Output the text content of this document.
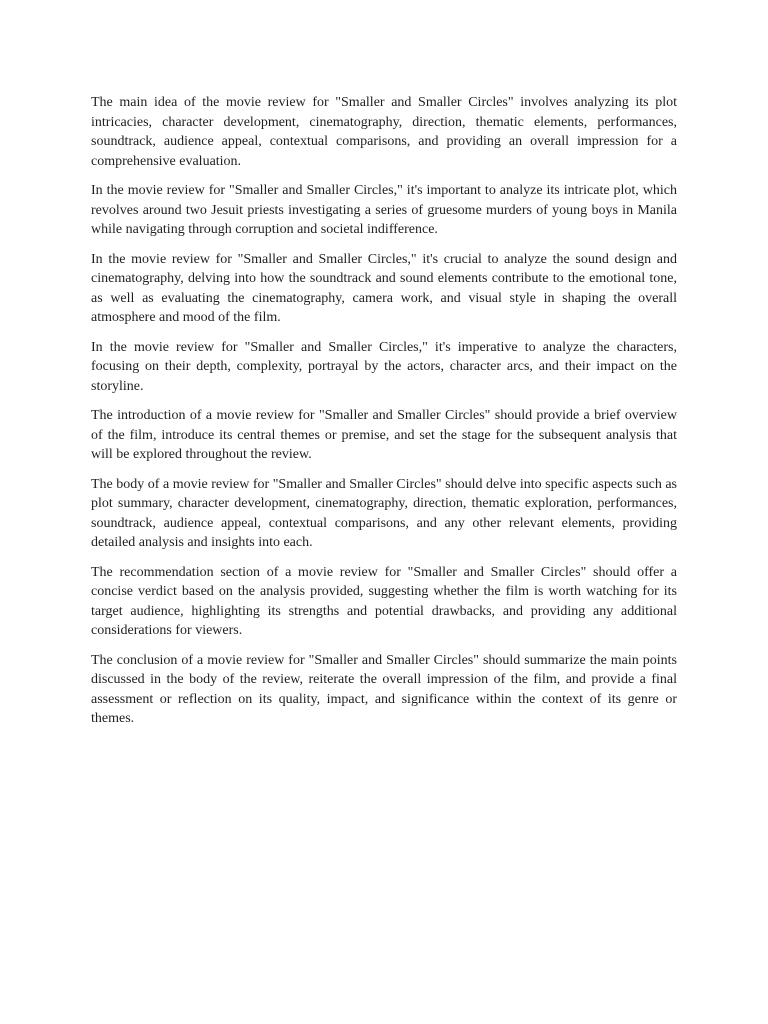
The main idea of the movie review for "Smaller and Smaller Circles" involves analyzing its plot intricacies, character development, cinematography, direction, thematic elements, performances, soundtrack, audience appeal, contextual comparisons, and providing an overall impression for a comprehensive evaluation.

In the movie review for "Smaller and Smaller Circles," it's important to analyze its intricate plot, which revolves around two Jesuit priests investigating a series of gruesome murders of young boys in Manila while navigating through corruption and societal indifference.

In the movie review for "Smaller and Smaller Circles," it's crucial to analyze the sound design and cinematography, delving into how the soundtrack and sound elements contribute to the emotional tone, as well as evaluating the cinematography, camera work, and visual style in shaping the overall atmosphere and mood of the film.

In the movie review for "Smaller and Smaller Circles," it's imperative to analyze the characters, focusing on their depth, complexity, portrayal by the actors, character arcs, and their impact on the storyline.

The introduction of a movie review for "Smaller and Smaller Circles" should provide a brief overview of the film, introduce its central themes or premise, and set the stage for the subsequent analysis that will be explored throughout the review.

The body of a movie review for "Smaller and Smaller Circles" should delve into specific aspects such as plot summary, character development, cinematography, direction, thematic exploration, performances, soundtrack, audience appeal, contextual comparisons, and any other relevant elements, providing detailed analysis and insights into each.

The recommendation section of a movie review for "Smaller and Smaller Circles" should offer a concise verdict based on the analysis provided, suggesting whether the film is worth watching for its target audience, highlighting its strengths and potential drawbacks, and providing any additional considerations for viewers.

The conclusion of a movie review for "Smaller and Smaller Circles" should summarize the main points discussed in the body of the review, reiterate the overall impression of the film, and provide a final assessment or reflection on its quality, impact, and significance within the context of its genre or themes.
